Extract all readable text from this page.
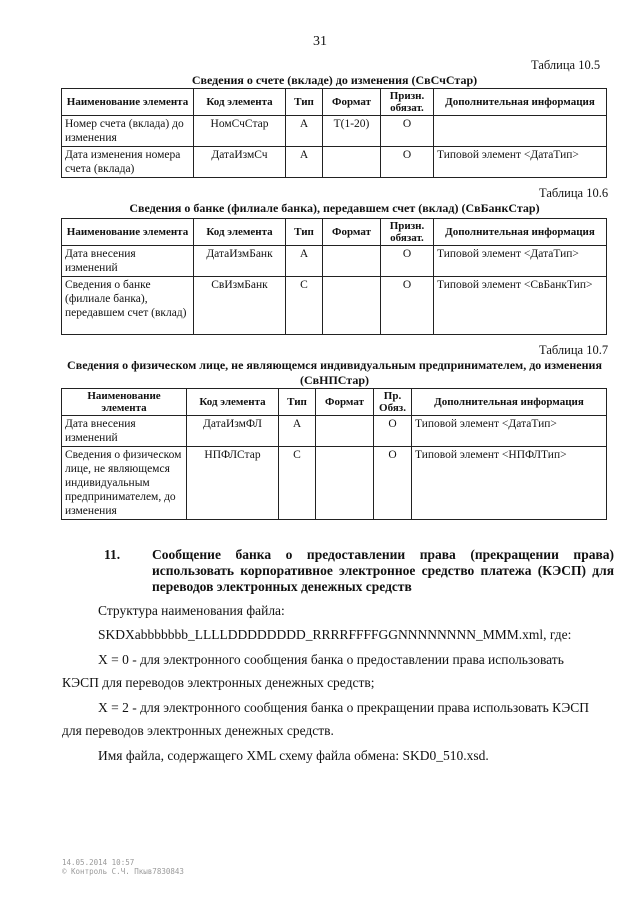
31
Таблица 10.5
Сведения о счете (вкладе) до изменения (СвСчСтар)
Наименование элемента	Код элемента	Тип	Формат	Призн. обязат.	Дополнительная информация
Номер счета (вклада) до изменения	НомСчСтар	А	Т(1-20)	О	
Дата изменения номера счета (вклада)	ДатаИзмСч	А		О	Типовой элемент <ДатаТип>
Таблица 10.6
Сведения о банке (филиале банка), передавшем счет (вклад) (СвБанкСтар)
Наименование элемента	Код элемента	Тип	Формат	Призн. обязат.	Дополнительная информация
Дата внесения изменений	ДатаИзмБанк	А		О	Типовой элемент <ДатаТип>
Сведения о банке (филиале банка), передавшем счет (вклад)	СвИзмБанк	С		О	Типовой элемент <СвБанкТип>
Таблица 10.7
Сведения о физическом лице, не являющемся индивидуальным предпринимателем, до изменения
(СвНПСтар)
Наименование элемента	Код элемента	Тип	Формат	Пр. Обяз.	Дополнительная информация
Дата внесения изменений	ДатаИзмФЛ	А		О	Типовой элемент <ДатаТип>
Сведения о физическом лице, не являющемся индивидуальным предпринимателем, до изменения	НПФЛСтар	С		О	Типовой элемент <НПФЛТип>
11. Сообщение банка о предоставлении права (прекращении права) использовать корпоративное электронное средство платежа (КЭСП) для переводов электронных денежных средств
Структура наименования файла:
SKDXabbbbbbb_LLLLDDDDDDDD_RRRRFFFFGGNNNNNNNN_MMM.xml, где:
X = 0 - для электронного сообщения банка о предоставлении права использовать
КЭСП для переводов электронных денежных средств;
X = 2 - для электронного сообщения банка о прекращении права использовать КЭСП
для переводов электронных денежных средств.
Имя файла, содержащего XML схему файла обмена: SKD0_510.xsd.
14.05.2014 10:57
© Контроль С.Ч. Пкыв7830843
